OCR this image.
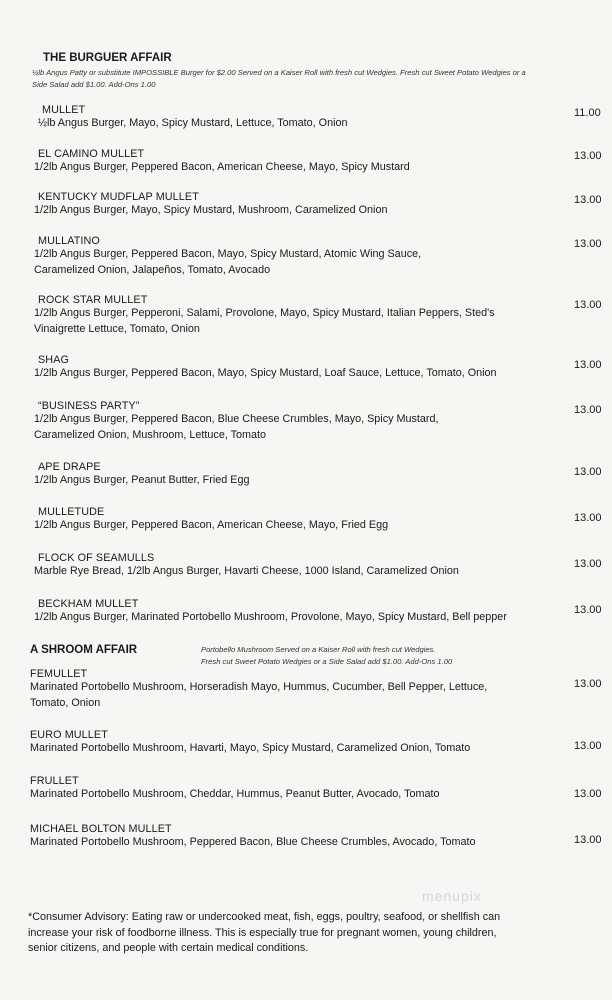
THE BURGUER AFFAIR
½lb Angus Patty or substitute IMPOSSIBLE Burger for $2.00 Served on a Kaiser Roll with fresh cut Wedgies. Fresh cut Sweet Potato Wedgies or a
Side Salad add $1.00. Add-Ons 1.00
A SHROOM AFFAIR	Portobello Mushroom Served on a Kaiser Roll with fresh cut Wedgies.
Fresh cut Sweet Potato Wedgies or a Side Salad add $1.00. Add-Ons 1.00
MULLET
½lb Angus Burger, Mayo, Spicy Mustard, Lettuce, Tomato, Onion
11.00
EL CAMINO MULLET
1/2lb Angus Burger, Peppered Bacon, American Cheese, Mayo, Spicy Mustard
13.00
KENTUCKY MUDFLAP MULLET
1/2lb Angus Burger, Mayo, Spicy Mustard, Mushroom, Caramelized Onion
13.00
MULLATINO
1/2lb Angus Burger, Peppered Bacon, Mayo, Spicy Mustard, Atomic Wing Sauce,
Caramelized Onion, Jalapeños, Tomato, Avocado
13.00
ROCK STAR MULLET
1/2lb Angus Burger, Pepperoni, Salami, Provolone, Mayo, Spicy Mustard, Italian Peppers, Sted's
Vinaigrette Lettuce, Tomato, Onion
13.00
SHAG
1/2lb Angus Burger, Peppered Bacon, Mayo, Spicy Mustard, Loaf Sauce, Lettuce, Tomato, Onion
13.00
“BUSINESS PARTY”
1/2lb Angus Burger, Peppered Bacon, Blue Cheese Crumbles, Mayo, Spicy Mustard,
Caramelized Onion, Mushroom, Lettuce, Tomato
13.00
APE DRAPE
1/2lb Angus Burger, Peanut Butter, Fried Egg
13.00
MULLETUDE
1/2lb Angus Burger, Peppered Bacon, American Cheese, Mayo, Fried Egg
13.00
FLOCK OF SEAMULLS
Marble Rye Bread, 1/2lb Angus Burger, Havarti Cheese, 1000 Island, Caramelized Onion
13.00
BECKHAM MULLET
1/2lb Angus Burger, Marinated Portobello Mushroom, Provolone, Mayo, Spicy Mustard, Bell pepper
13.00
FEMULLET
Marinated Portobello Mushroom, Horseradish Mayo, Hummus, Cucumber, Bell Pepper, Lettuce,
Tomato, Onion
13.00
EURO MULLET
Marinated Portobello Mushroom, Havarti, Mayo, Spicy Mustard, Caramelized Onion, Tomato	13.00
FRULLET
Marinated Portobello Mushroom, Cheddar, Hummus, Peanut Butter, Avocado, Tomato	13.00
MICHAEL BOLTON MULLET
Marinated Portobello Mushroom, Peppered Bacon, Blue Cheese Crumbles, Avocado, Tomato	13.00
menupix
*Consumer Advisory: Eating raw or undercooked meat, fish, eggs, poultry, seafood, or shellfish can
increase your risk of foodborne illness. This is especially true for pregnant women, young children,
senior citizens, and people with certain medical conditions.
